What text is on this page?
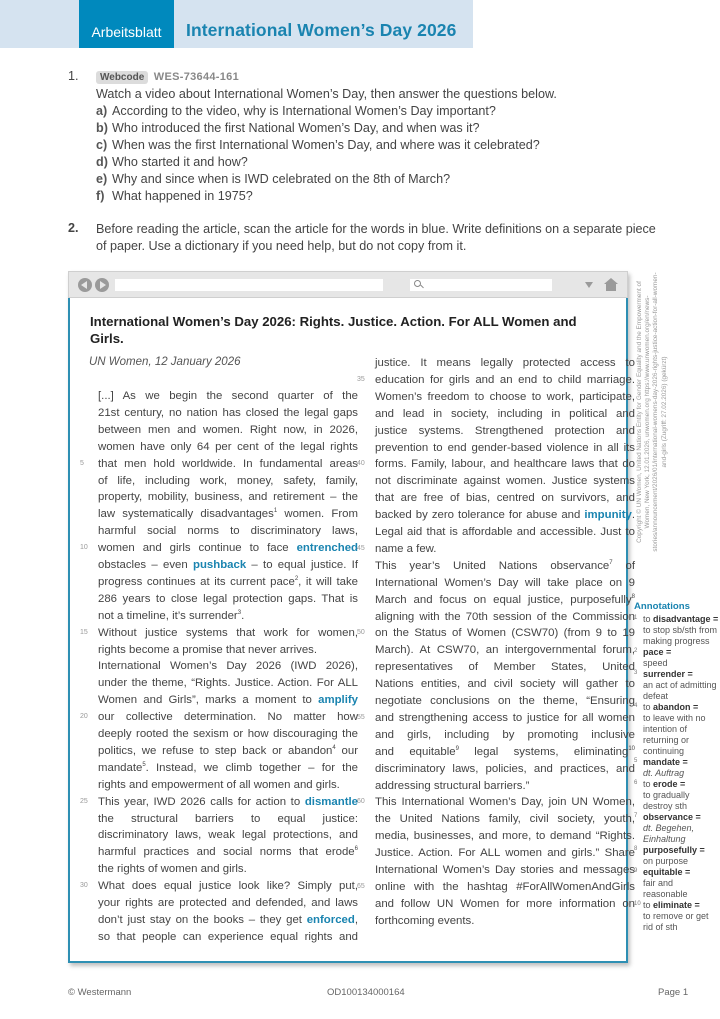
Arbeitsblatt	International Women’s Day 2026
1.	Webcode WES-73644-161
Watch a video about International Women’s Day, then answer the questions below.
a) According to the video, why is International Women’s Day important?
b) Who introduced the first National Women’s Day, and when was it?
c) When was the first International Women’s Day, and where was it celebrated?
d) Who started it and how?
e) Why and since when is IWD celebrated on the 8th of March?
f) What happened in 1975?
2.	Before reading the article, scan the article for the words in blue. Write definitions on a separate piece of paper. Use a dictionary if you need help, but do not copy from it.
International Women’s Day 2026: Rights. Justice. Action. For ALL Women and Girls.
UN Women, 12 January 2026
[...] As we begin the second quarter of the
21st century, no nation has closed the legal gaps
between men and women. Right now, in 2026,
women have only 64 per cent of the legal rights
that men hold worldwide. In fundamental areas
5
of life, including work, money, safety, family,
property, mobility, business, and retirement – the
law systematically disadvantages$^1$ women. From
harmful social norms to discriminatory laws,
women and girls continue to face entrenched
10
obstacles – even pushback – to equal justice. If
progress continues at its current pace$^2$, it will take
286 years to close legal protection gaps. That is
not a timeline, it’s surrender$^3$.
Without justice systems that work for women,
15
rights become a promise that never arrives.
International Women’s Day 2026 (IWD 2026),
under the theme, “Rights. Justice. Action. For ALL
Women and Girls”, marks a moment to amplify
our collective determination. No matter how
20
deeply rooted the sexism or how discouraging the
politics, we refuse to step back or abandon$^4$ our
mandate$^5$. Instead, we climb together – for the
rights and empowerment of all women and girls.
This year, IWD 2026 calls for action to dismantle
25
the structural barriers to equal justice:
discriminatory laws, weak legal protections, and
harmful practices and social norms that erode$^6$
the rights of women and girls.
What does equal justice look like? Simply put,
30
your rights are protected and defended, and laws
don’t just stay on the books – they get enforced,
so that people can experience equal rights and
justice. It means legally protected access to
education for girls and an end to child marriage.
35
Women’s freedom to choose to work, participate,
and lead in society, including in political and
justice systems. Strengthened protection and
prevention to end gender-based violence in all its
forms. Family, labour, and healthcare laws that do
40
not discriminate against women. Justice systems
that are free of bias, centred on survivors, and
backed by zero tolerance for abuse and impunity.
Legal aid that is affordable and accessible. Just to
name a few.
45
This year’s United Nations observance$^7$ of
International Women’s Day will take place on 9
March and focus on equal justice, purposefully$^8$
aligning with the 70th session of the Commission
on the Status of Women (CSW70) (from 9 to 19
50
March). At CSW70, an intergovernmental forum,
representatives of Member States, United
Nations entities, and civil society will gather to
negotiate conclusions on the theme, “Ensuring
and strengthening access to justice for all women
55
and girls, including by promoting inclusive
and equitable$^9$ legal systems, eliminating$^{10}$
discriminatory laws, policies, and practices, and
addressing structural barriers.”
This International Women’s Day, join UN Women,
60
the United Nations family, civil society, youth,
media, businesses, and more, to demand “Rights.
Justice. Action. For ALL women and girls.” Share
International Women’s Day stories and messages
online with the hashtag #ForAllWomenAndGirls
65
and follow UN Women for more information on
forthcoming events.
Copyright © UN Women, United Nations Entity for Gender Equality and the Empowerment of Women, New York, 12.01.2026, unwomen.org https://www.unwomen.org/en/news-stories/announcement/2026/01/international-womens-day-2026-rights-justice-action-for-all-women-and-girls (Zugriff: 27.02.2026) (gekürzt)
Annotations
1 to disadvantage =
to stop sb/sth from making progress
2 pace =
speed
3 surrender =
an act of admitting defeat
4 to abandon =
to leave with no intention of returning or continuing
5 mandate =
dt. Auftrag
6 to erode =
to gradually destroy sth
7 observance =
dt. Begehen, Einhaltung
8 purposefully =
on purpose
9 equitable =
fair and reasonable
10 to eliminate =
to remove or get rid of sth
© Westermann	OD100134000164	Page 1
